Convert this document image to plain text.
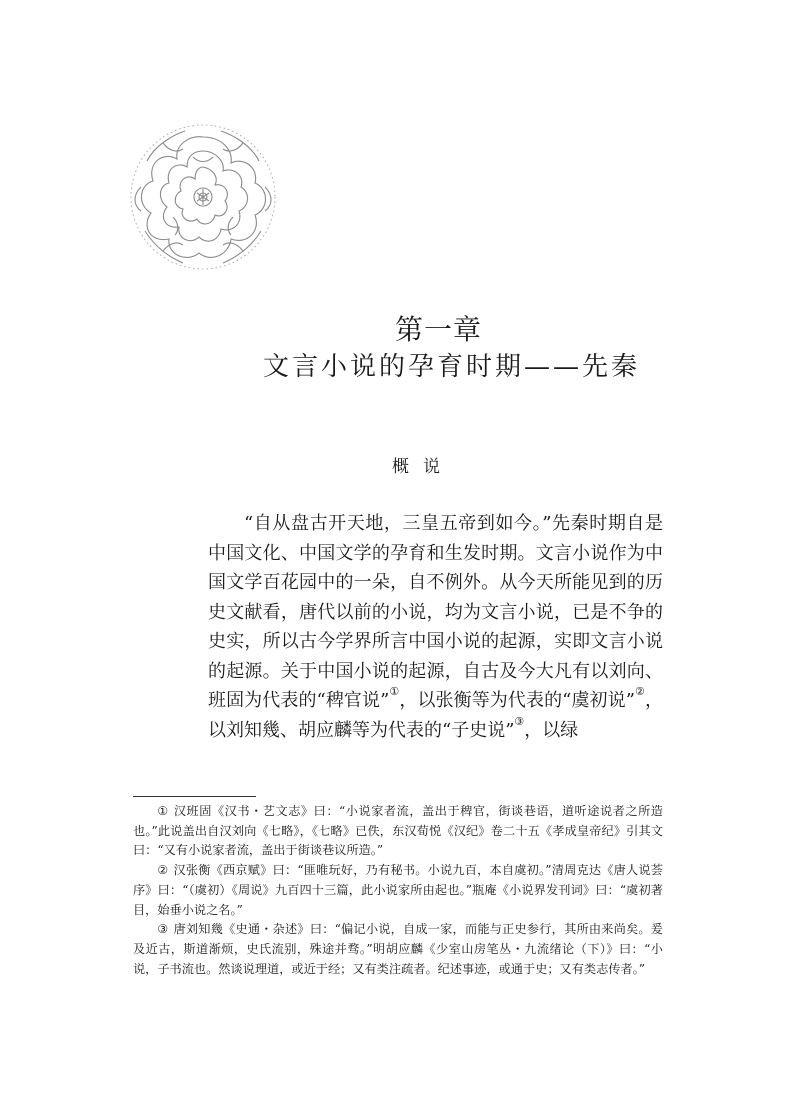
第一章
文言小说的孕育时期——先秦
概说

“自从盘古开天地，三皇五帝到如今。”先秦时期自是中国文化、中国文学的孕育和生发时期。文言小说作为中国文学百花园中的一朵，自不例外。从今天所能见到的历史文献看，唐代以前的小说，均为文言小说，已是不争的史实，所以古今学界所言中国小说的起源，实即文言小说的起源。关于中国小说的起源，自古及今大凡有以刘向、班固为代表的“稗官说”①，以张衡等为代表的“虞初说”②，以刘知幾、胡应麟等为代表的“子史说”③，以绿

① 汉班固《汉书・艺文志》曰：“小说家者流，盖出于稗官，街谈巷语，道听途说者之所造也。”此说盖出自汉刘向《七略》，《七略》已佚，东汉荀悦《汉纪》卷二十五《孝成皇帝纪》引其文曰：“又有小说家者流，盖出于街谈巷议所造。”

② 汉张衡《西京赋》曰：“匪唯玩好，乃有秘书。小说九百，本自虞初。”清周克达《唐人说荟序》曰：“（虞初）《周说》九百四十三篇，此小说家所由起也。”瓶庵《小说界发刊词》曰：“虞初著目，始垂小说之名。”

③ 唐刘知幾《史通・杂述》曰：“偏记小说，自成一家，而能与正史参行，其所由来尚矣。爰及近古，斯道渐烦，史氏流别，殊途并骛。”明胡应麟《少室山房笔丛・九流绪论（下）》曰：“小说，子书流也。然谈说理道，或近于经；又有类注疏者。纪述事迹，或通于史；又有类志传者。”
